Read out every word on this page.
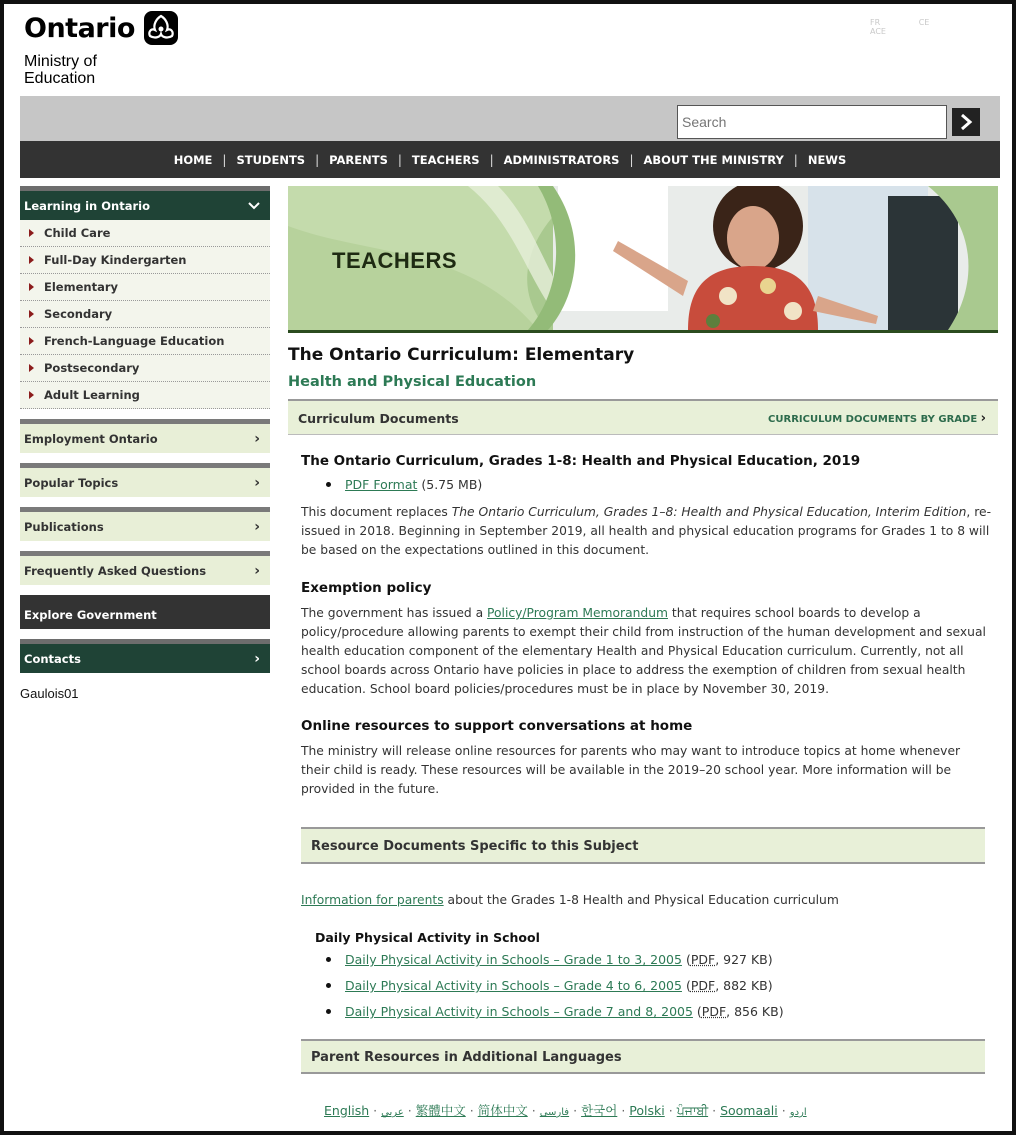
Ontario
Ministry of
Education
FR	CE ACE
Search
HOME | STUDENTS | PARENTS | TEACHERS | ADMINISTRATORS | ABOUT THE MINISTRY | NEWS
Learning in Ontario
Child Care
Full-Day Kindergarten
Elementary
Secondary
French-Language Education
Postsecondary
Adult Learning
Employment Ontario	›
Popular Topics	›
Publications	›
Frequently Asked Questions	›
Explore Government
Contacts	›
Gaulois01
TEACHERS
The Ontario Curriculum: Elementary
Health and Physical Education
Curriculum Documents	CURRICULUM DOCUMENTS BY GRADE ›
The Ontario Curriculum, Grades 1-8: Health and Physical Education, 2019
PDF Format (5.75 MB)
This document replaces The Ontario Curriculum, Grades 1–8: Health and Physical Education, Interim Edition, re-issued in 2018. Beginning in September 2019, all health and physical education programs for Grades 1 to 8 will be based on the expectations outlined in this document.
Exemption policy
The government has issued a Policy/Program Memorandum that requires school boards to develop a policy/procedure allowing parents to exempt their child from instruction of the human development and sexual health education component of the elementary Health and Physical Education curriculum. Currently, not all school boards across Ontario have policies in place to address the exemption of children from sexual health education. School board policies/procedures must be in place by November 30, 2019.
Online resources to support conversations at home
The ministry will release online resources for parents who may want to introduce topics at home whenever their child is ready. These resources will be available in the 2019–20 school year. More information will be provided in the future.
Resource Documents Specific to this Subject
Information for parents about the Grades 1-8 Health and Physical Education curriculum
Daily Physical Activity in School
Daily Physical Activity in Schools – Grade 1 to 3, 2005 (PDF, 927 KB)
Daily Physical Activity in Schools – Grade 4 to 6, 2005 (PDF, 882 KB)
Daily Physical Activity in Schools – Grade 7 and 8, 2005 (PDF, 856 KB)
Parent Resources in Additional Languages
English · عربي · 繁體中文 · 简体中文 · فارسی · 한국어 · Polski · ਪੰਜਾਬੀ · Soomaali · اردو
